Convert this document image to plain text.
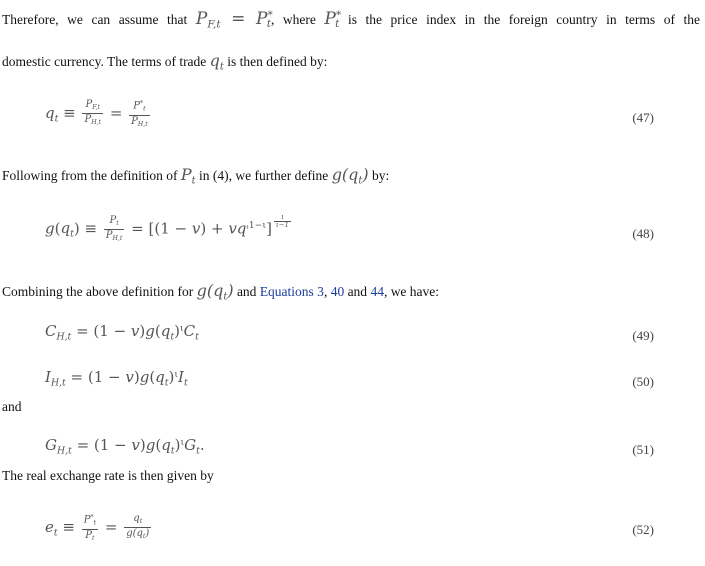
Therefore, we can assume that $P_{F,t} = P^*_t$, where $P^*_t$ is the price index in the foreign country in terms of the
domestic currency. The terms of trade $q_t$ is then defined by:
$q_t \equiv \frac{P_{F,t}}{P_{H,t}} = \frac{P^*_t}{P_{H,t}}$	(47)
Following from the definition of $P_t$ in (4), we further define $g(q_t)$ by:
$g(q_t) \equiv \frac{P_t}{P_{H,t}} = [(1 - v) + vq^{_t1-\iota}] \frac{\iota}{\iota-1}$
(48)
Combining the above definition for $g(q_t)$ and Equations 3, 40 and 44, we have:
$C_{H,t} = (1 - v)g(q_t)^\iota C_t$	(49)
$I_{H,t} = (1 - v)g(q_t)^\iota I_t$	(50)
and
$G_{H,t} = (1 - v)g(q_t)^\iota G_t$.	(51)
The real exchange rate is then given by
$e_t \equiv \frac{P^*_t}{P_t} = \frac{q_t}{g(q_t)}$	(52)
